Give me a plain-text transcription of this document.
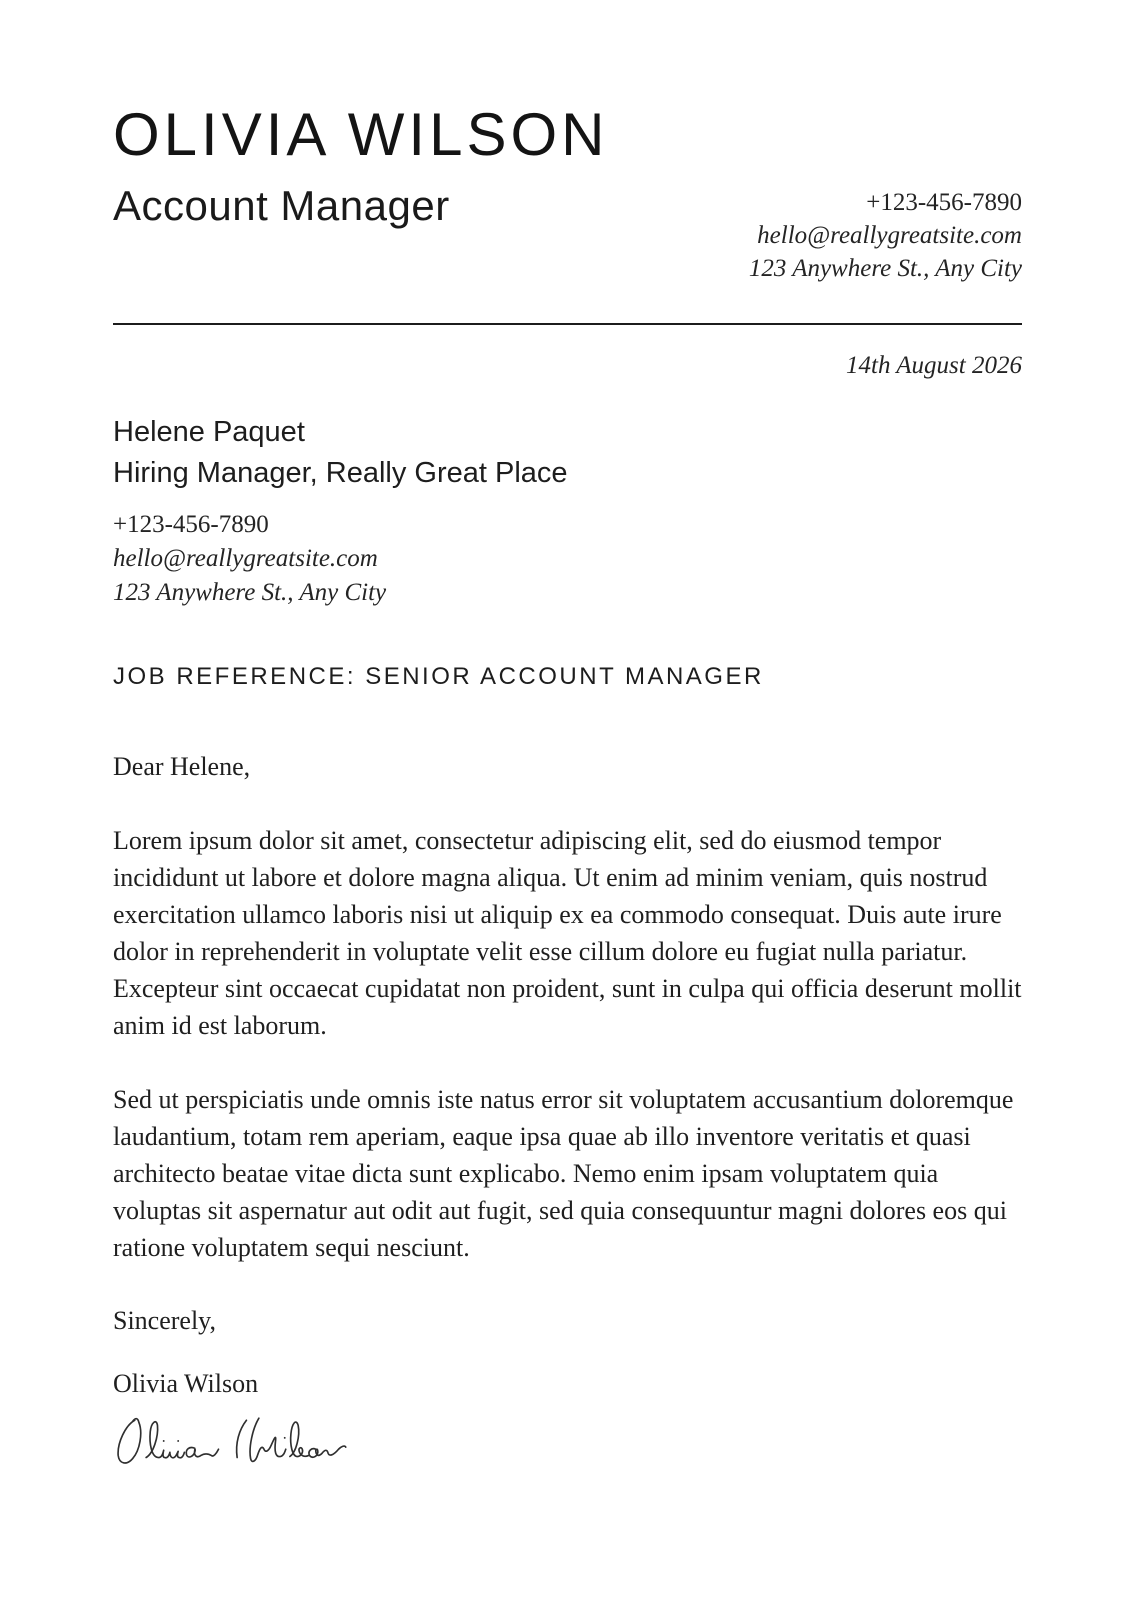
OLIVIA WILSON
Account Manager	+123-456-7890
hello@reallygreatsite.com
123 Anywhere St., Any City
14th August 2026
Helene Paquet
Hiring Manager, Really Great Place
+123-456-7890
hello@reallygreatsite.com
123 Anywhere St., Any City
JOB REFERENCE: SENIOR ACCOUNT MANAGER

Dear Helene,

Lorem ipsum dolor sit amet, consectetur adipiscing elit, sed do eiusmod tempor incididunt ut labore et dolore magna aliqua. Ut enim ad minim veniam, quis nostrud exercitation ullamco laboris nisi ut aliquip ex ea commodo consequat. Duis aute irure dolor in reprehenderit in voluptate velit esse cillum dolore eu fugiat nulla pariatur. Excepteur sint occaecat cupidatat non proident, sunt in culpa qui officia deserunt mollit anim id est laborum.

Sed ut perspiciatis unde omnis iste natus error sit voluptatem accusantium doloremque laudantium, totam rem aperiam, eaque ipsa quae ab illo inventore veritatis et quasi architecto beatae vitae dicta sunt explicabo. Nemo enim ipsam voluptatem quia voluptas sit aspernatur aut odit aut fugit, sed quia consequuntur magni dolores eos qui ratione voluptatem sequi nesciunt.

Sincerely,

Olivia Wilson
